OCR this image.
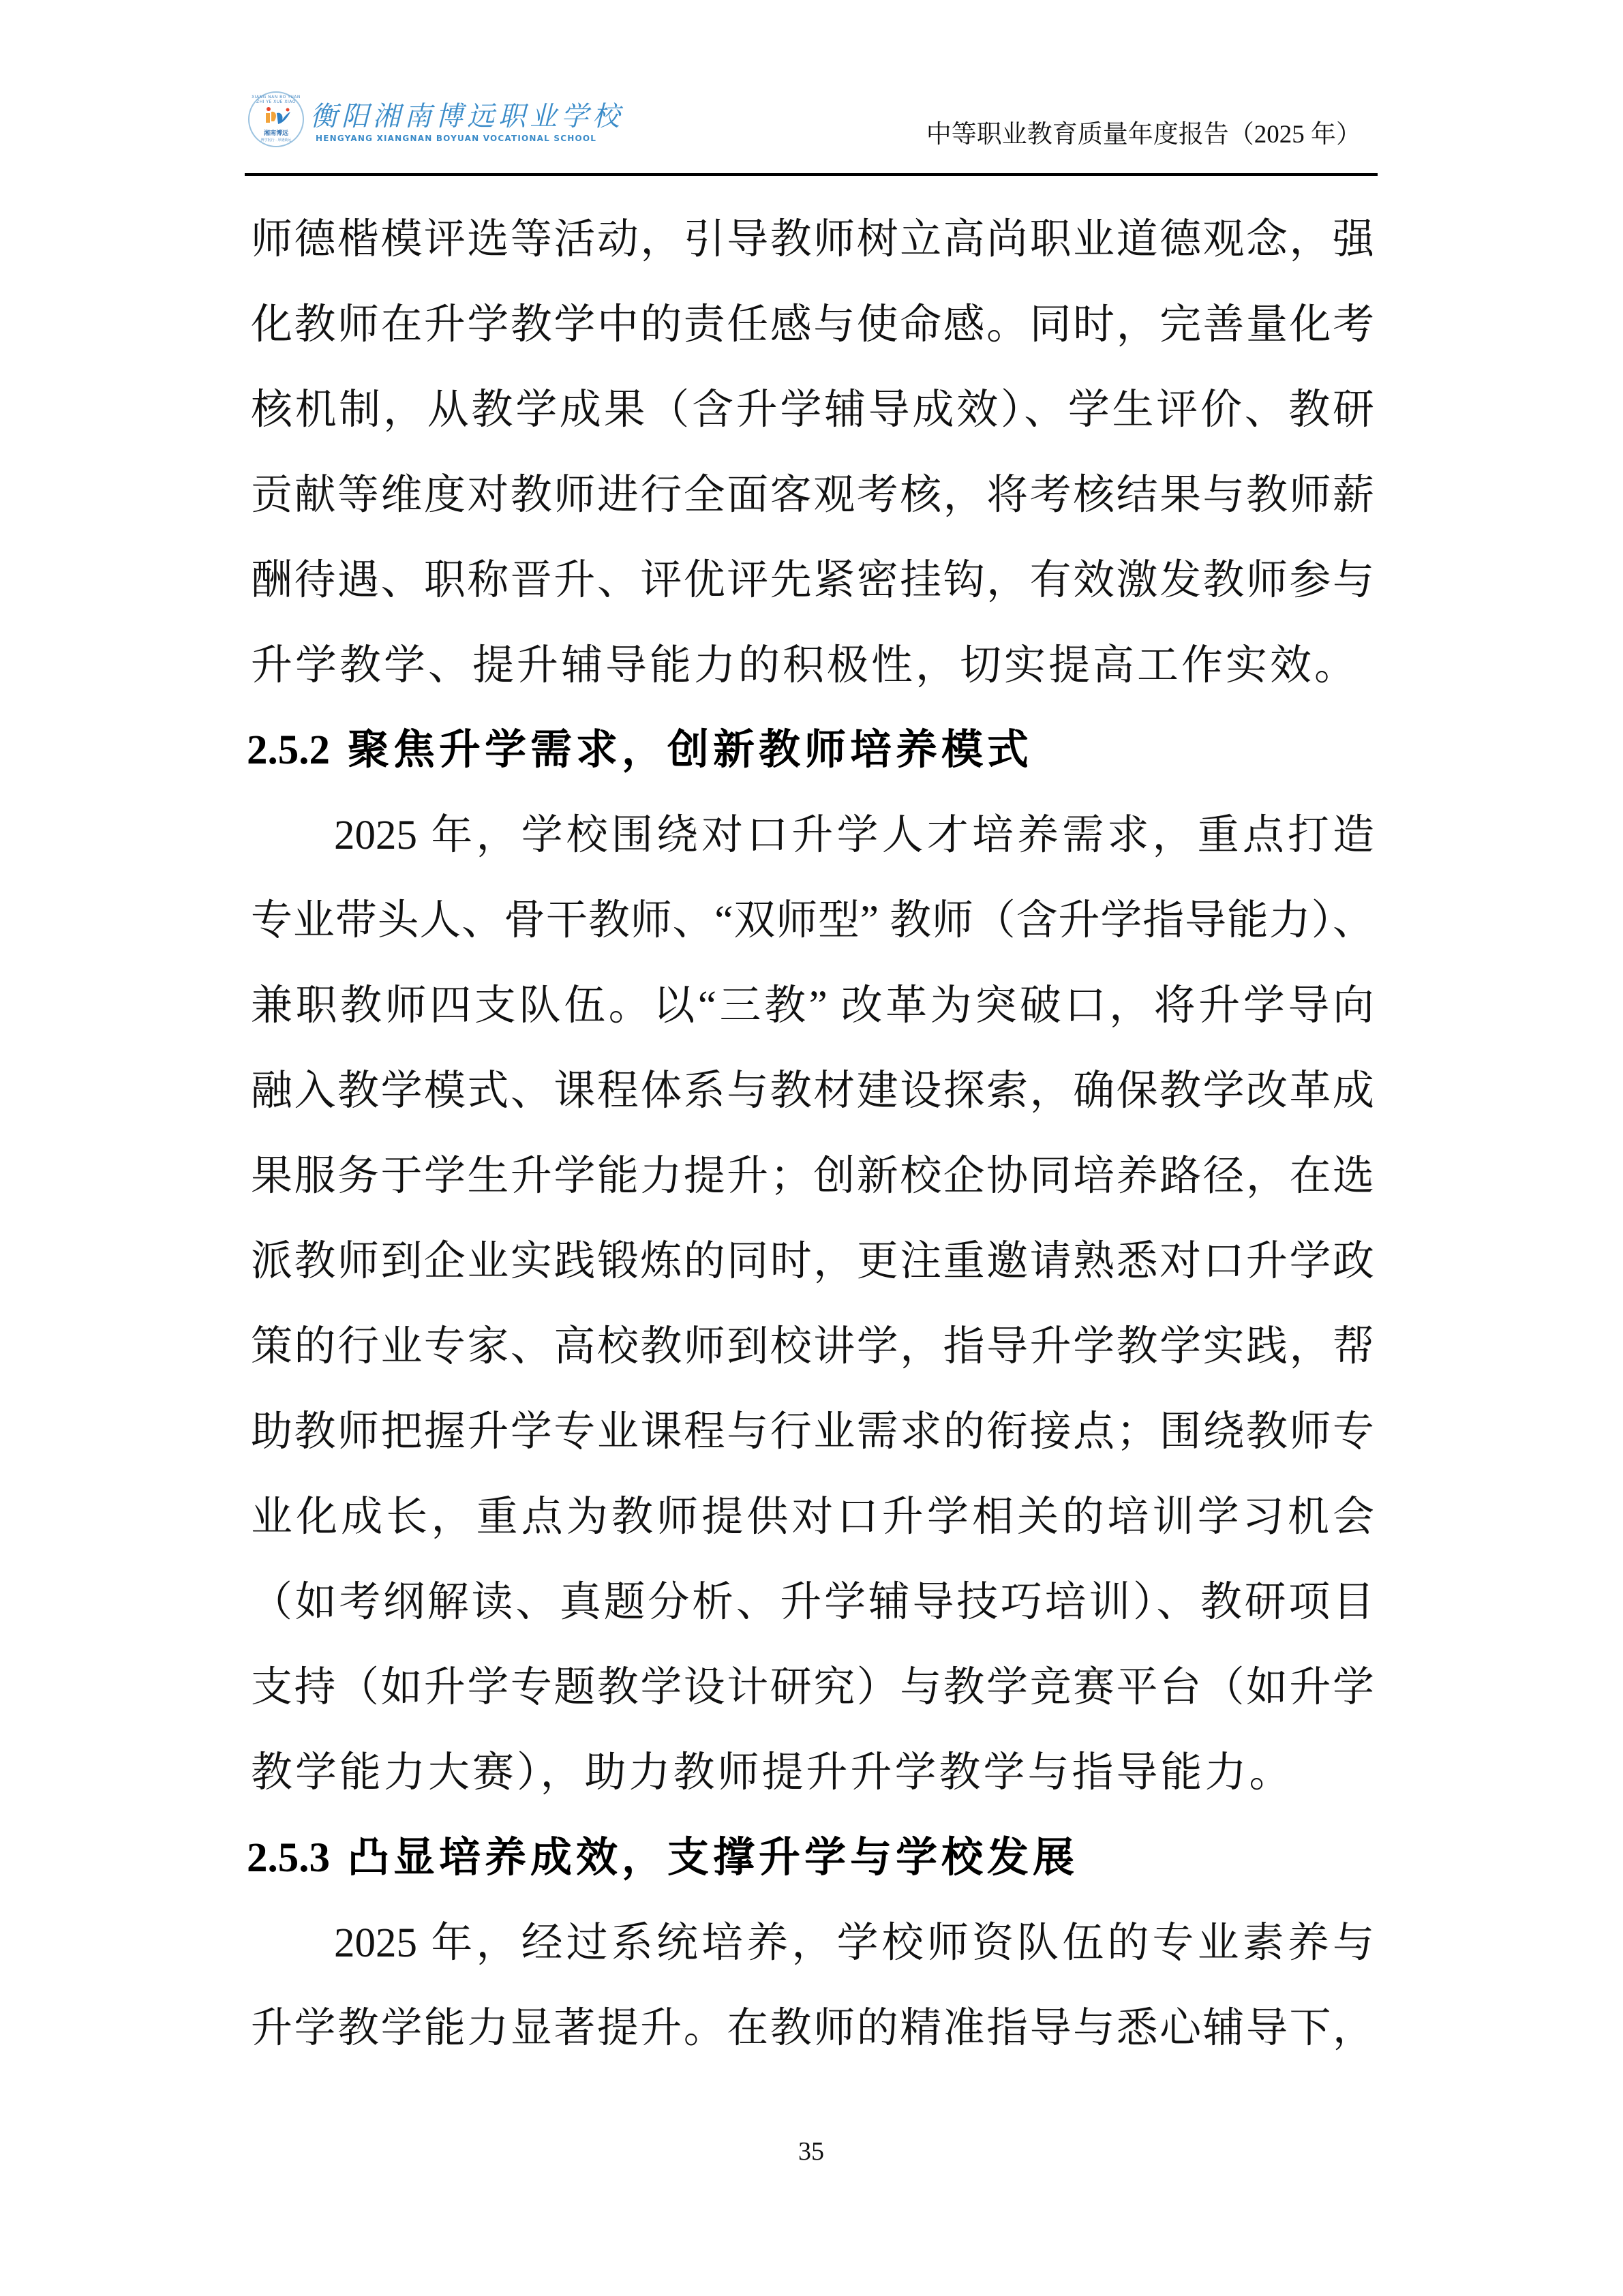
XIANG NAN BO YUAN ZHI YE XUE XIAO
湘南博远
博学躬行 · 厚德致远
衡阳湘南博远职业学校
HENGYANG XIANGNAN BOYUAN VOCATIONAL SCHOOL	中等职业教育质量年度报告（2025 年）
师德楷模评选等活动，引导教师树立高尚职业道德观念，强
化教师在升学教学中的责任感与使命感。同时，完善量化考
核机制，从教学成果（含升学辅导成效）、学生评价、教研
贡献等维度对教师进行全面客观考核，将考核结果与教师薪
酬待遇、职称晋升、评优评先紧密挂钩，有效激发教师参与
升学教学、提升辅导能力的积极性，切实提高工作实效。
2.5.2 聚焦升学需求，创新教师培养模式
2025 年，学校围绕对口升学人才培养需求，重点打造
专业带头人、骨干教师、“双师型” 教师（含升学指导能力）、
兼职教师四支队伍。以“三教” 改革为突破口，将升学导向
融入教学模式、课程体系与教材建设探索，确保教学改革成
果服务于学生升学能力提升；创新校企协同培养路径，在选
派教师到企业实践锻炼的同时，更注重邀请熟悉对口升学政
策的行业专家、高校教师到校讲学，指导升学教学实践，帮
助教师把握升学专业课程与行业需求的衔接点；围绕教师专
业化成长，重点为教师提供对口升学相关的培训学习机会
（如考纲解读、真题分析、升学辅导技巧培训）、教研项目
支持（如升学专题教学设计研究）与教学竞赛平台（如升学
教学能力大赛），助力教师提升升学教学与指导能力。
2.5.3 凸显培养成效，支撑升学与学校发展
2025 年，经过系统培养，学校师资队伍的专业素养与
升学教学能力显著提升。在教师的精准指导与悉心辅导下，
35
